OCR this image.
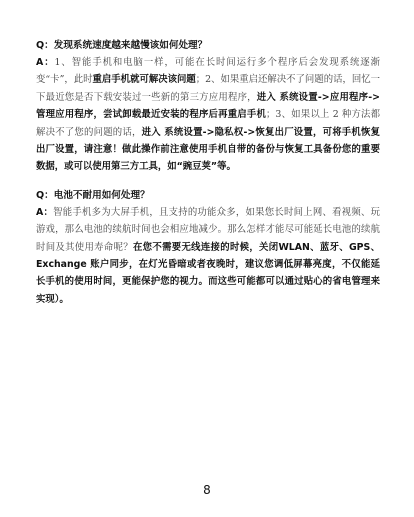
Q：发现系统速度越来越慢该如何处理？

A：1、智能手机和电脑一样，可能在长时间运行多个程序后会发现系统逐渐变“卡”，此时重启手机就可解决该问题；2、如果重启还解决不了问题的话，回忆一下最近您是否下载安装过一些新的第三方应用程序，进入 系统设置->应用程序->管理应用程序，尝试卸载最近安装的程序后再重启手机；3、如果以上 2 种方法都解决不了您的问题的话，进入 系统设置->隐私权->恢复出厂设置，可将手机恢复出厂设置，请注意！做此操作前注意使用手机自带的备份与恢复工具备份您的重要数据，或可以使用第三方工具，如“豌豆荚”等。

Q：电池不耐用如何处理？

A：智能手机多为大屏手机，且支持的功能众多，如果您长时间上网、看视频、玩游戏，那么电池的续航时间也会相应地减少。那么怎样才能尽可能延长电池的续航时间及其使用寿命呢？在您不需要无线连接的时候，关闭WLAN、蓝牙、GPS、Exchange 账户同步，在灯光昏暗或者夜晚时，建议您调低屏幕亮度，不仅能延长手机的使用时间，更能保护您的视力。而这些可能都可以通过贴心的省电管理来实现）。

8
